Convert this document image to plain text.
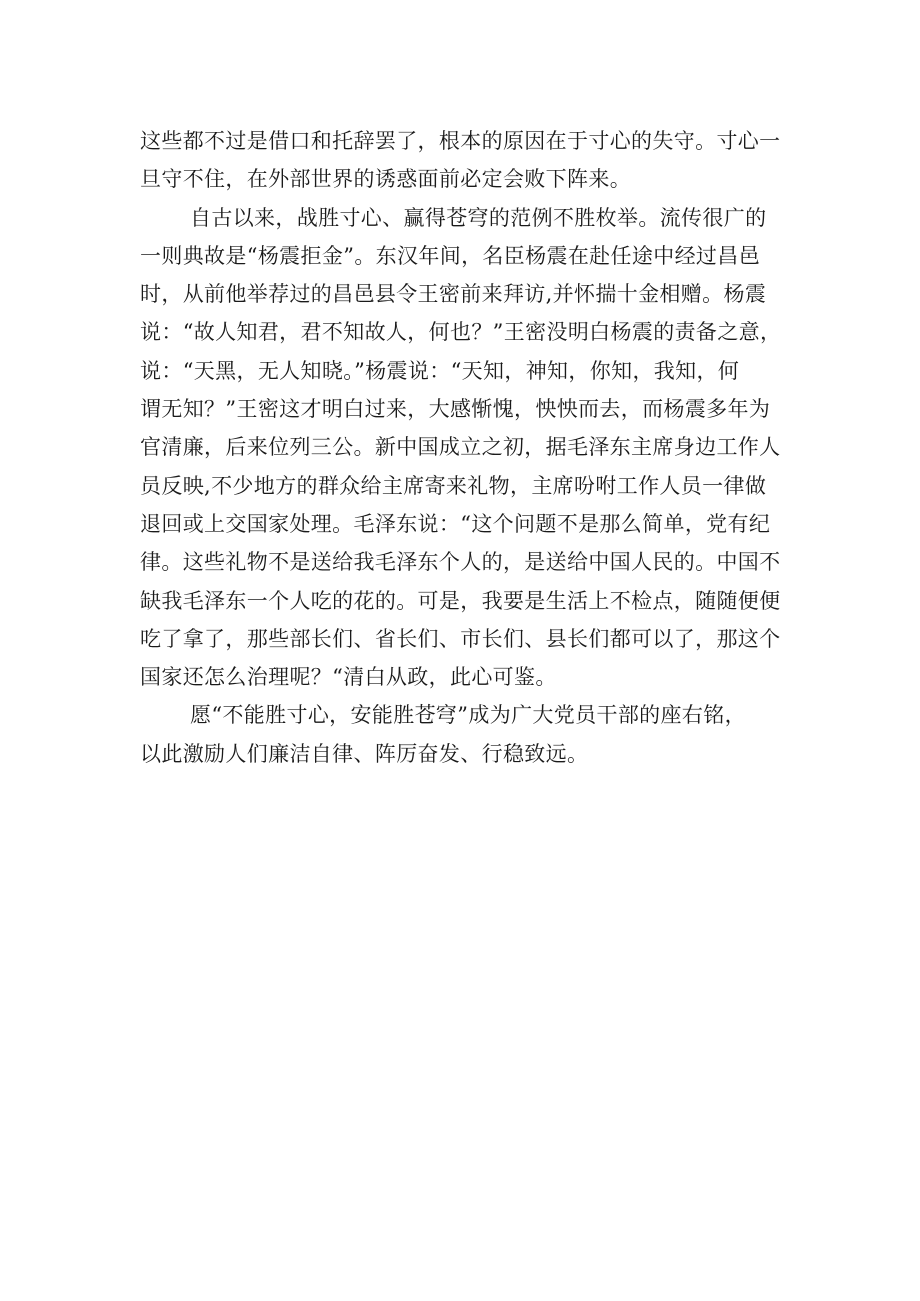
这些都不过是借口和托辞罢了，根本的原因在于寸心的失守。寸心一
旦守不住，在外部世界的诱惑面前必定会败下阵来。

自古以来，战胜寸心、赢得苍穹的范例不胜枚举。流传很广的
一则典故是“杨震拒金”。东汉年间，名臣杨震在赴任途中经过昌邑
时，从前他举荐过的昌邑县令王密前来拜访,并怀揣十金相赠。杨震
说：“故人知君，君不知故人，何也？”王密没明白杨震的责备之意，
说：“天黑，无人知晓。”杨震说：“天知，神知，你知，我知，何
谓无知？”王密这才明白过来，大感惭愧，怏怏而去，而杨震多年为
官清廉，后来位列三公。新中国成立之初，据毛泽东主席身边工作人
员反映,不少地方的群众给主席寄来礼物，主席吩咐工作人员一律做
退回或上交国家处理。毛泽东说：“这个问题不是那么简单，党有纪
律。这些礼物不是送给我毛泽东个人的，是送给中国人民的。中国不
缺我毛泽东一个人吃的花的。可是，我要是生活上不检点，随随便便
吃了拿了，那些部长们、省长们、市长们、县长们都可以了，那这个
国家还怎么治理呢？“清白从政，此心可鉴。

愿“不能胜寸心，安能胜苍穹”成为广大党员干部的座右铭，
以此激励人们廉洁自律、阵厉奋发、行稳致远。
